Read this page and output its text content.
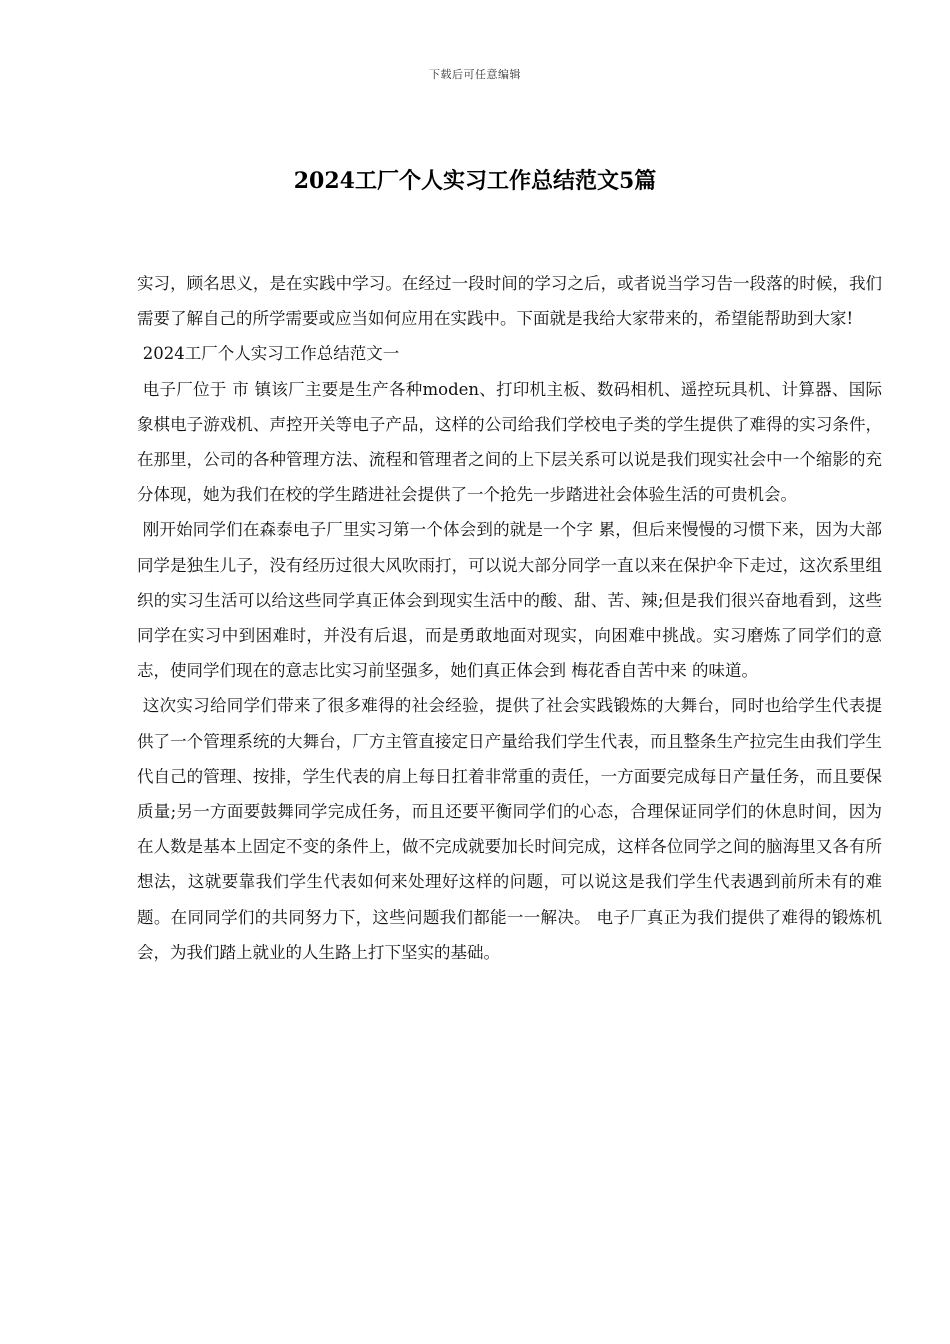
下载后可任意编辑
2024工厂个人实习工作总结范文5篇

实习，顾名思义，是在实践中学习。在经过一段时间的学习之后，或者说当学习告一段落的时候，我们需要了解自己的所学需要或应当如何应用在实践中。下面就是我给大家带来的，希望能帮助到大家!

2024工厂个人实习工作总结范文一

电子厂位于 市 镇该厂主要是生产各种moden、打印机主板、数码相机、遥控玩具机、计算器、国际象棋电子游戏机、声控开关等电子产品，这样的公司给我们学校电子类的学生提供了难得的实习条件，在那里，公司的各种管理方法、流程和管理者之间的上下层关系可以说是我们现实社会中一个缩影的充分体现，她为我们在校的学生踏进社会提供了一个抢先一步踏进社会体验生活的可贵机会。

刚开始同学们在森泰电子厂里实习第一个体会到的就是一个字 累，但后来慢慢的习惯下来，因为大部同学是独生儿子，没有经历过很大风吹雨打，可以说大部分同学一直以来在保护伞下走过，这次系里组织的实习生活可以给这些同学真正体会到现实生活中的酸、甜、苦、辣;但是我们很兴奋地看到，这些同学在实习中到困难时，并没有后退，而是勇敢地面对现实，向困难中挑战。实习磨炼了同学们的意志，使同学们现在的意志比实习前坚强多，她们真正体会到 梅花香自苦中来 的味道。

这次实习给同学们带来了很多难得的社会经验，提供了社会实践锻炼的大舞台，同时也给学生代表提供了一个管理系统的大舞台，厂方主管直接定日产量给我们学生代表，而且整条生产拉完生由我们学生代自己的管理、按排，学生代表的肩上每日扛着非常重的责任，一方面要完成每日产量任务，而且要保质量;另一方面要鼓舞同学完成任务，而且还要平衡同学们的心态，合理保证同学们的休息时间，因为在人数是基本上固定不变的条件上，做不完成就要加长时间完成，这样各位同学之间的脑海里又各有所想法，这就要靠我们学生代表如何来处理好这样的问题，可以说这是我们学生代表遇到前所未有的难题。在同同学们的共同努力下，这些问题我们都能一一解决。 电子厂真正为我们提供了难得的锻炼机会，为我们踏上就业的人生路上打下坚实的基础。
